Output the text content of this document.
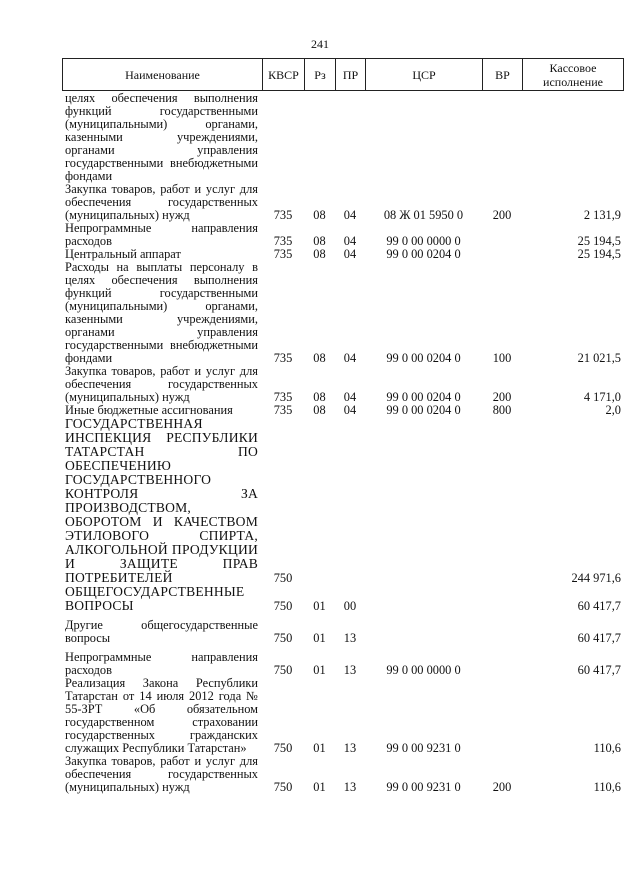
241
Наименование	КВСР	Рз	ПР	ЦСР	ВР	Кассовое исполнение
целях обеспечения выполнения функций государственными (муниципальными) органами, казенными учреждениями, органами управления государственными внебюджетными фондами						
Закупка товаров, работ и услуг для обеспечения государственных (муниципальных) нужд	735	08	04	08 Ж 01 5950 0	200	2 131,9
Непрограммные направления расходов	735	08	04	99 0 00 0000 0		25 194,5
Центральный аппарат	735	08	04	99 0 00 0204 0		25 194,5
Расходы на выплаты персоналу в целях обеспечения выполнения функций государственными (муниципальными) органами, казенными учреждениями, органами управления государственными внебюджетными фондами	735	08	04	99 0 00 0204 0	100	21 021,5
Закупка товаров, работ и услуг для обеспечения государственных (муниципальных) нужд	735	08	04	99 0 00 0204 0	200	4 171,0
Иные бюджетные ассигнования	735	08	04	99 0 00 0204 0	800	2,0
ГОСУДАРСТВЕННАЯ ИНСПЕКЦИЯ РЕСПУБЛИКИ ТАТАРСТАН ПО ОБЕСПЕЧЕНИЮ ГОСУДАРСТВЕННОГО КОНТРОЛЯ ЗА ПРОИЗВОДСТВОМ, ОБОРОТОМ И КАЧЕСТВОМ ЭТИЛОВОГО СПИРТА, АЛКОГОЛЬНОЙ ПРОДУКЦИИ И ЗАЩИТЕ ПРАВ ПОТРЕБИТЕЛЕЙ	750					244 971,6
ОБЩЕГОСУДАРСТВЕННЫЕ ВОПРОСЫ	750	01	00			60 417,7

Другие общегосударственные вопросы	750	01	13			60 417,7

Непрограммные направления расходов	750	01	13	99 0 00 0000 0		60 417,7
Реализация Закона Республики Татарстан от 14 июля 2012 года № 55-ЗРТ «Об обязательном государственном страховании государственных гражданских служащих Республики Татарстан»	750	01	13	99 0 00 9231 0		110,6
Закупка товаров, работ и услуг для обеспечения государственных (муниципальных) нужд	750	01	13	99 0 00 9231 0	200	110,6
